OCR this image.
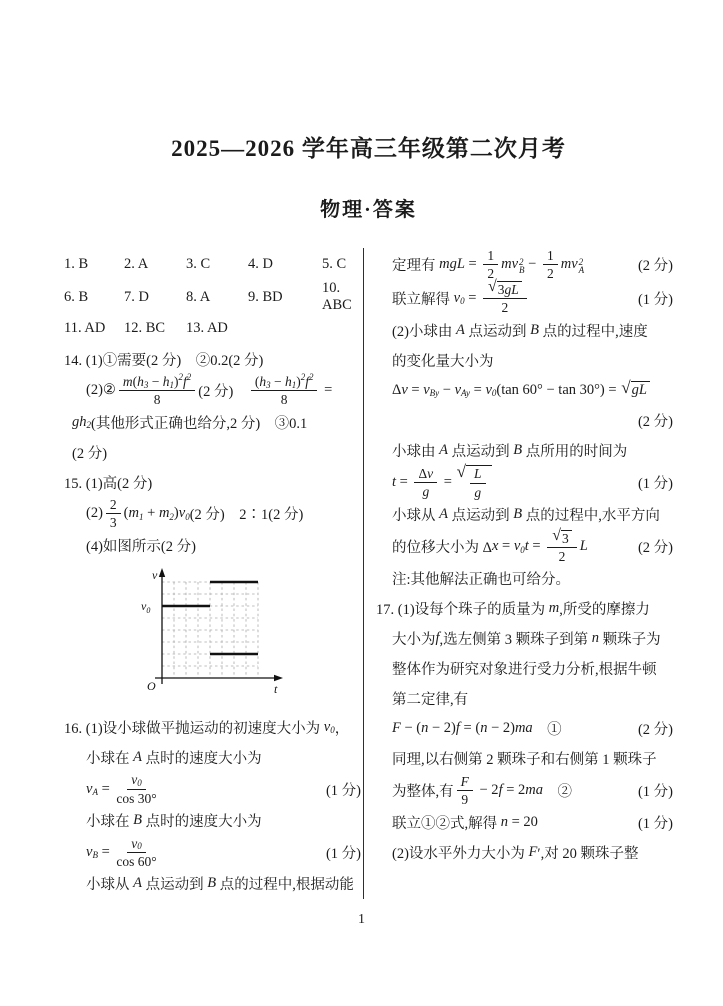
2025—2026 学年高三年级第二次月考
物理·答案
1. B	2. A	3. C	4. D	5. C
6. B	7. D	8. A	9. BD
10. ABC
11. AD	12. BC	13. AD
14. (1)①需要(2 分)　②0.2(2 分)
(2)②
m ( h 3 − h 1 ) 2 f 2
8	(2 分)　 $\frac{( h 3 - h 1 ) 2 f 2}{8}$ =
gh 2 (其他形式正确也给分,2 分)　③0.1
(2 分)
15. (1)高(2 分)
(2)
2
3
( m 1 + m 2 ) v 0 (2 分)　2∶1(2 分)
(4)如图所示(2 分)
v
t
O
$v_0$
16. (1)设小球做平抛运动的初速度大小为 v 0 ，
小球在 A 点时的速度大小为
v $A = \frac{v 0}{\cos 30^\circ}$	(1 分)
小球在 B 点时的速度大小为
v $B = \frac{v 0}{\cos 60^\circ}$	(1 分)
小球从 A 点运动到 B 点的过程中,根据动能
定理有 mgL = $\frac{1}{2}$ m v 2
$B - \frac{1}{2}$ m v 2
A	(2 分)
联立解得 v $0 = \frac{√ 3 gL}{2}$	(1 分)
(2)小球由 A 点运动到 B 点的过程中,速度
的变化量大小为
Δ v = v By − v Ay = v 0 (tan 60° − tan 30°) = √ gL
(2 分)
小球由 A 点运动到 B 点所用的时间为
$t = \frac{\text{Δ v}}{g}$ =
√ L
g	(1 分)
小球从 A 点运动到 B 点的过程中,水平方向
的位移大小为 Δ x = v 0 $t = \frac{√ 3}{2}$ L	(2 分)
注:其他解法正确也可给分。
17. (1)设每个珠子的质量为 m ,所受的摩擦力
大小为 f ,选左侧第 3 颗珠子到第 n 颗珠子为
整体作为研究对象进行受力分析,根据牛顿
第二定律,有
F − ( n − 2) f = ( n − 2) ma 　①	(2 分)
同理,以右侧第 2 颗珠子和右侧第 1 颗珠子
为整体,有
F
9
− 2 f = 2 ma 　②	(1 分)
联立①②式,解得 n = 20	(1 分)
(2)设水平外力大小为 F ′,对 20 颗珠子整
1
